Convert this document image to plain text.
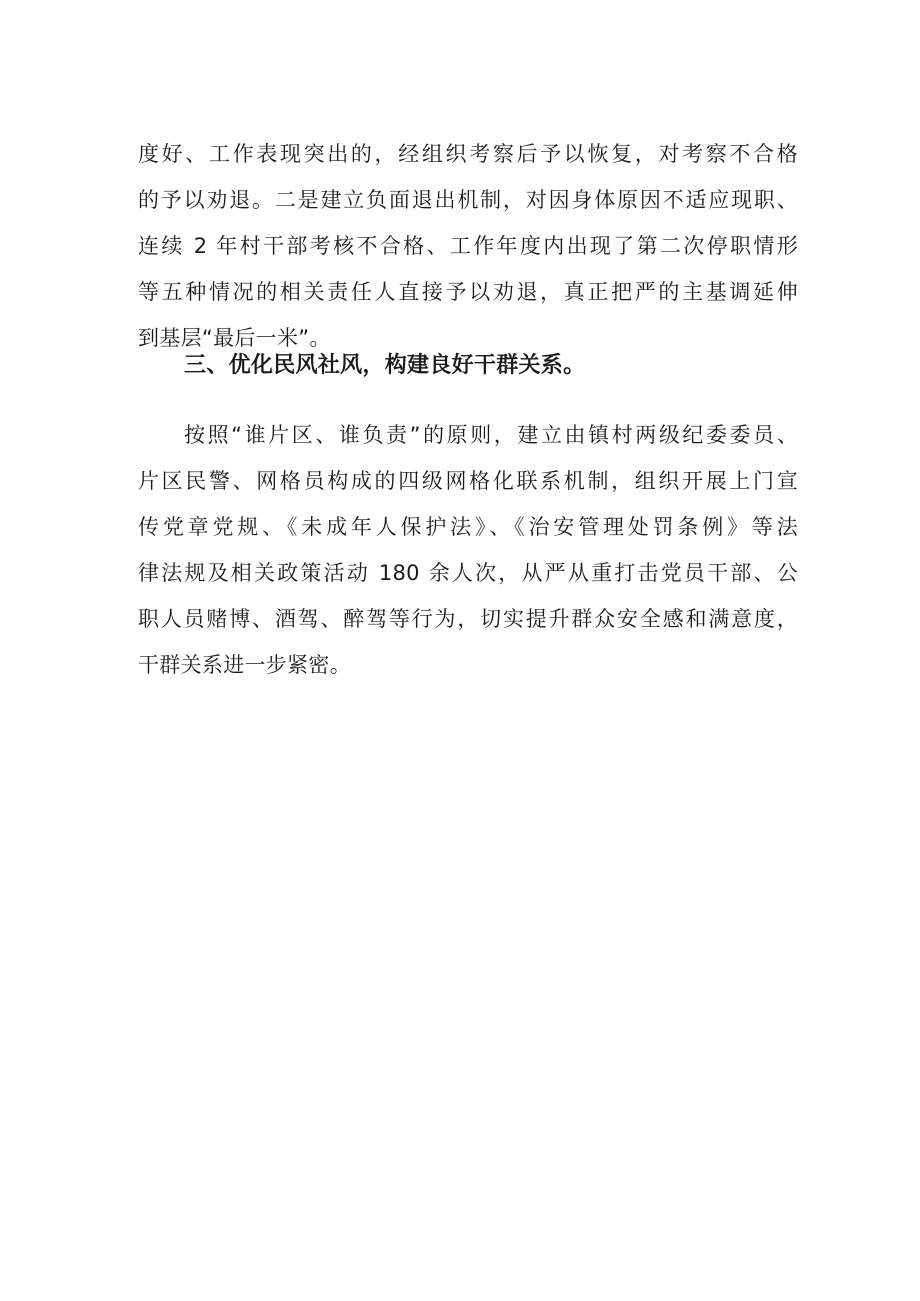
度好、工作表现突出的，经组织考察后予以恢复，对考察不合格
的予以劝退。二是建立负面退出机制，对因身体原因不适应现职、
连续 2 年村干部考核不合格、工作年度内出现了第二次停职情形
等五种情况的相关责任人直接予以劝退，真正把严的主基调延伸
到基层“最后一米”。
三、优化民风社风，构建良好干群关系。
按照“谁片区、谁负责”的原则，建立由镇村两级纪委委员、
片区民警、网格员构成的四级网格化联系机制，组织开展上门宣
传党章党规、《未成年人保护法》、《治安管理处罚条例》等法
律法规及相关政策活动 180 余人次，从严从重打击党员干部、公
职人员赌博、酒驾、醉驾等行为，切实提升群众安全感和满意度，
干群关系进一步紧密。
